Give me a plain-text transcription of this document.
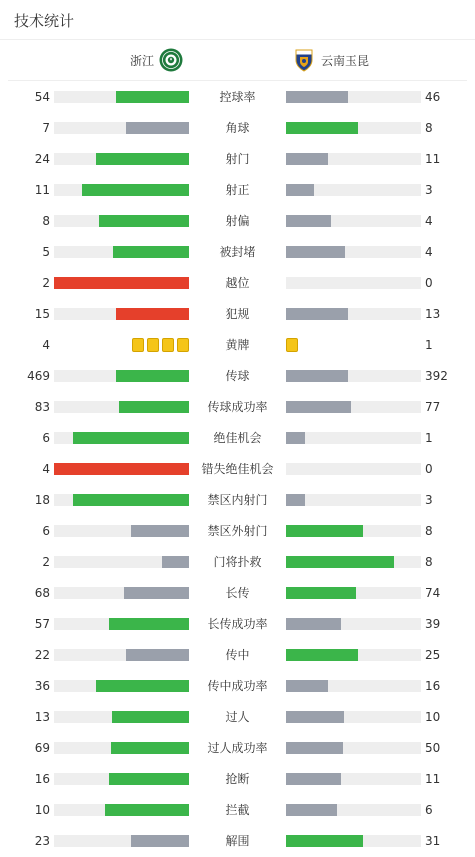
技术统计
浙江	云南玉昆
54	控球率	46
7	角球	8
24	射门	11
11	射正	3
8	射偏	4
5	被封堵	4
2	越位	0
15	犯规	13
4	黄牌	1
469	传球	392
83	传球成功率	77
6	绝佳机会	1
4	错失绝佳机会	0
18	禁区内射门	3
6	禁区外射门	8
2	门将扑救	8
68	长传	74
57	长传成功率	39
22	传中	25
36	传中成功率	16
13	过人	10
69	过人成功率	50
16	抢断	11
10	拦截	6
23	解围	31
